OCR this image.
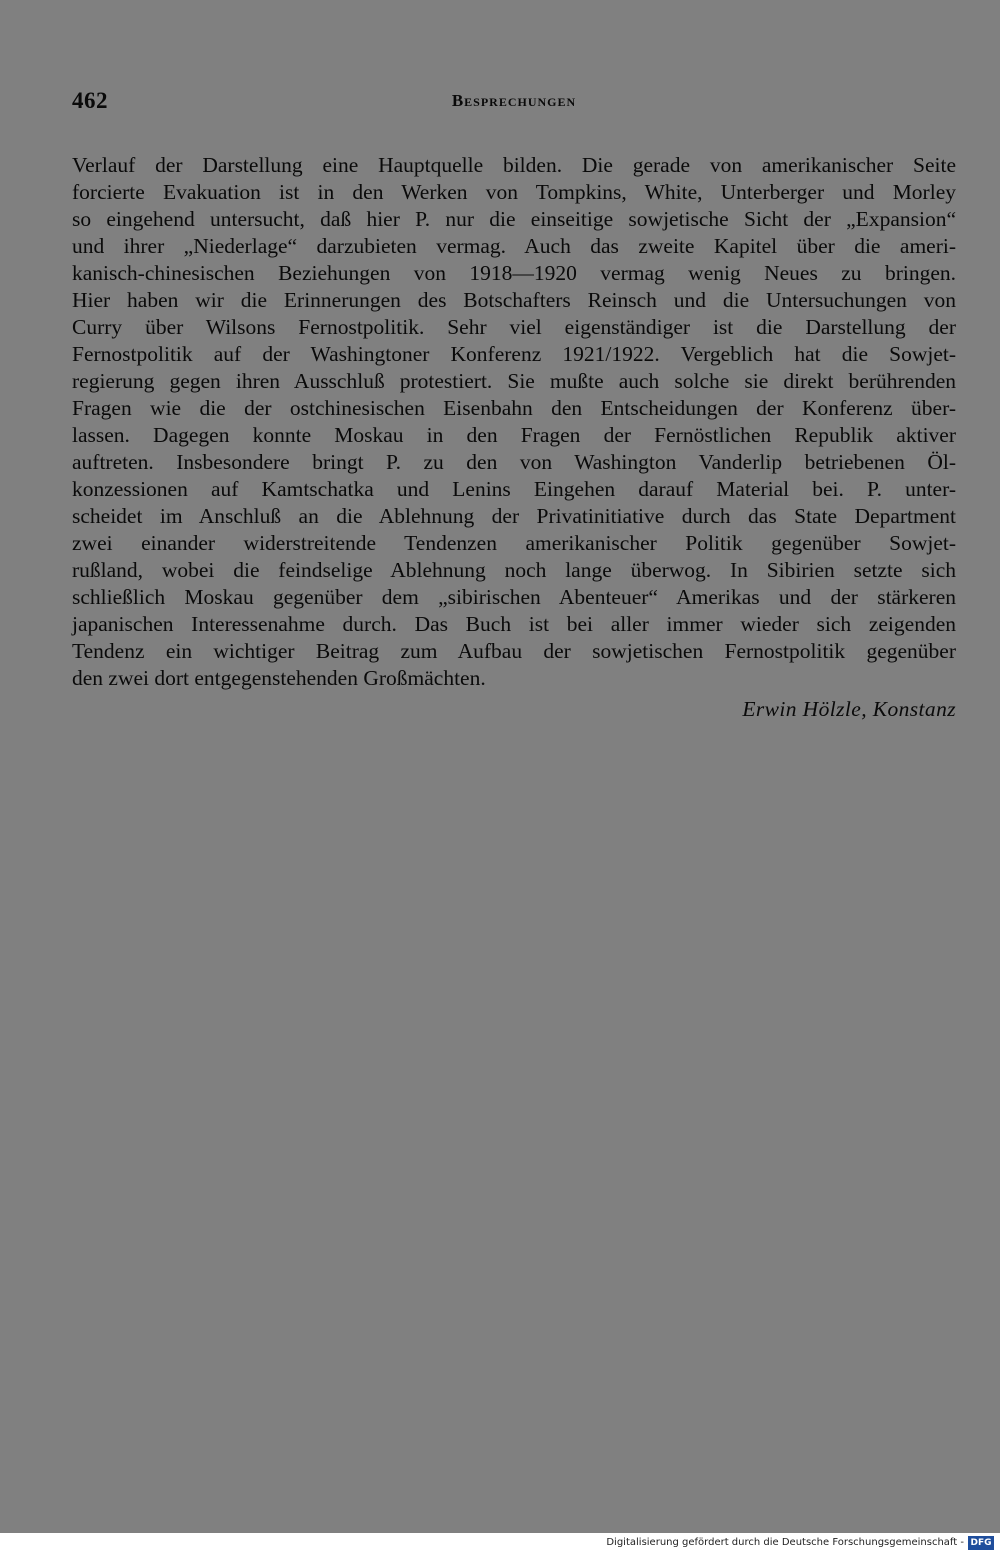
462	Besprechungen
Verlauf der Darstellung eine Hauptquelle bilden. Die gerade von amerikanischer Seite
forcierte Evakuation ist in den Werken von Tompkins, White, Unterberger und Morley
so eingehend untersucht, daß hier P. nur die einseitige sowjetische Sicht der „Expansion“
und ihrer „Niederlage“ darzubieten vermag. Auch das zweite Kapitel über die ameri-
kanisch-chinesischen Beziehungen von 1918—1920 vermag wenig Neues zu bringen.
Hier haben wir die Erinnerungen des Botschafters Reinsch und die Untersuchungen von
Curry über Wilsons Fernostpolitik. Sehr viel eigenständiger ist die Darstellung der
Fernostpolitik auf der Washingtoner Konferenz 1921/1922. Vergeblich hat die Sowjet-
regierung gegen ihren Ausschluß protestiert. Sie mußte auch solche sie direkt berührenden
Fragen wie die der ostchinesischen Eisenbahn den Entscheidungen der Konferenz über-
lassen. Dagegen konnte Moskau in den Fragen der Fernöstlichen Republik aktiver
auftreten. Insbesondere bringt P. zu den von Washington Vanderlip betriebenen Öl-
konzessionen auf Kamtschatka und Lenins Eingehen darauf Material bei. P. unter-
scheidet im Anschluß an die Ablehnung der Privatinitiative durch das State Department
zwei einander widerstreitende Tendenzen amerikanischer Politik gegenüber Sowjet-
rußland, wobei die feindselige Ablehnung noch lange überwog. In Sibirien setzte sich
schließlich Moskau gegenüber dem „sibirischen Abenteuer“ Amerikas und der stärkeren
japanischen Interessenahme durch. Das Buch ist bei aller immer wieder sich zeigenden
Tendenz ein wichtiger Beitrag zum Aufbau der sowjetischen Fernostpolitik gegenüber
den zwei dort entgegenstehenden Großmächten.
Erwin Hölzle, Konstanz
Digitalisierung gefördert durch die Deutsche Forschungsgemeinschaft - DFG
